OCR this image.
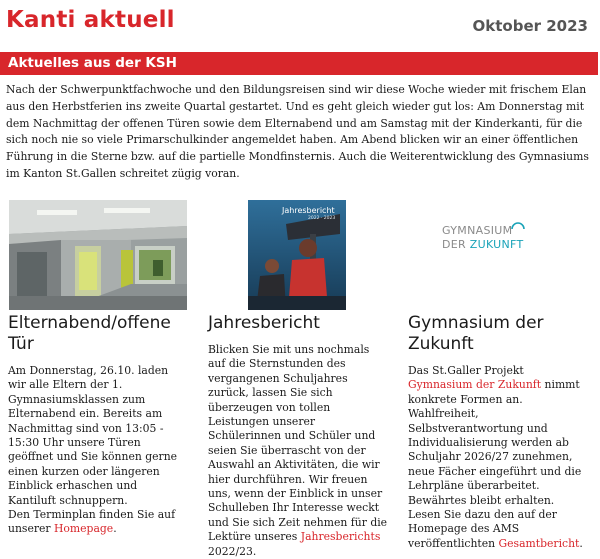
Kanti aktuell	Oktober 2023
Aktuelles aus der KSH

Nach der Schwerpunktfachwoche und den Bildungsreisen sind wir diese Woche wieder mit frischem Elan aus den Herbstferien ins zweite Quartal gestartet. Und es geht gleich wieder gut los: Am Donnerstag mit dem Nachmittag der offenen Türen sowie dem Elternabend und am Samstag mit der Kinderkanti, für die sich noch nie so viele Primarschulkinder angemeldet haben. Am Abend blicken wir an einer öffentlichen Führung in die Sterne bzw. auf die partielle Mondfinsternis. Auch die Weiterentwicklung des Gymnasiums im Kanton St.Gallen schreitet zügig voran.

Jahresbericht
2022 · 2023
GYMNASIUM
DER ZUKUNFT
Elternabend/offene Tür
Am Donnerstag, 26.10. laden wir alle Eltern der 1. Gymnasiumsklassen zum Elternabend ein. Bereits am Nachmittag sind von 13:05 - 15:30 Uhr unsere Türen geöffnet und Sie können gerne einen kurzen oder längeren Einblick erhaschen und Kantiluft schnuppern.
Den Terminplan finden Sie auf unserer Homepage.
Jahresbericht
Blicken Sie mit uns nochmals auf die Sternstunden des vergangenen Schuljahres zurück, lassen Sie sich überzeugen von tollen Leistungen unserer Schülerinnen und Schüler und seien Sie überrascht von der Auswahl an Aktivitäten, die wir hier durchführen. Wir freuen uns, wenn der Einblick in unser Schulleben Ihr Interesse weckt und Sie sich Zeit nehmen für die Lektüre unseres Jahresberichts 2022/23.
Gymnasium der Zukunft
Das St.Galler Projekt Gymnasium der Zukunft nimmt konkrete Formen an. Wahlfreiheit, Selbstverantwortung und Individualisierung werden ab Schuljahr 2026/27 zunehmen, neue Fächer eingeführt und die Lehrpläne überarbeitet. Bewährtes bleibt erhalten. Lesen Sie dazu den auf der Homepage des AMS veröffentlichten Gesamtbericht.
